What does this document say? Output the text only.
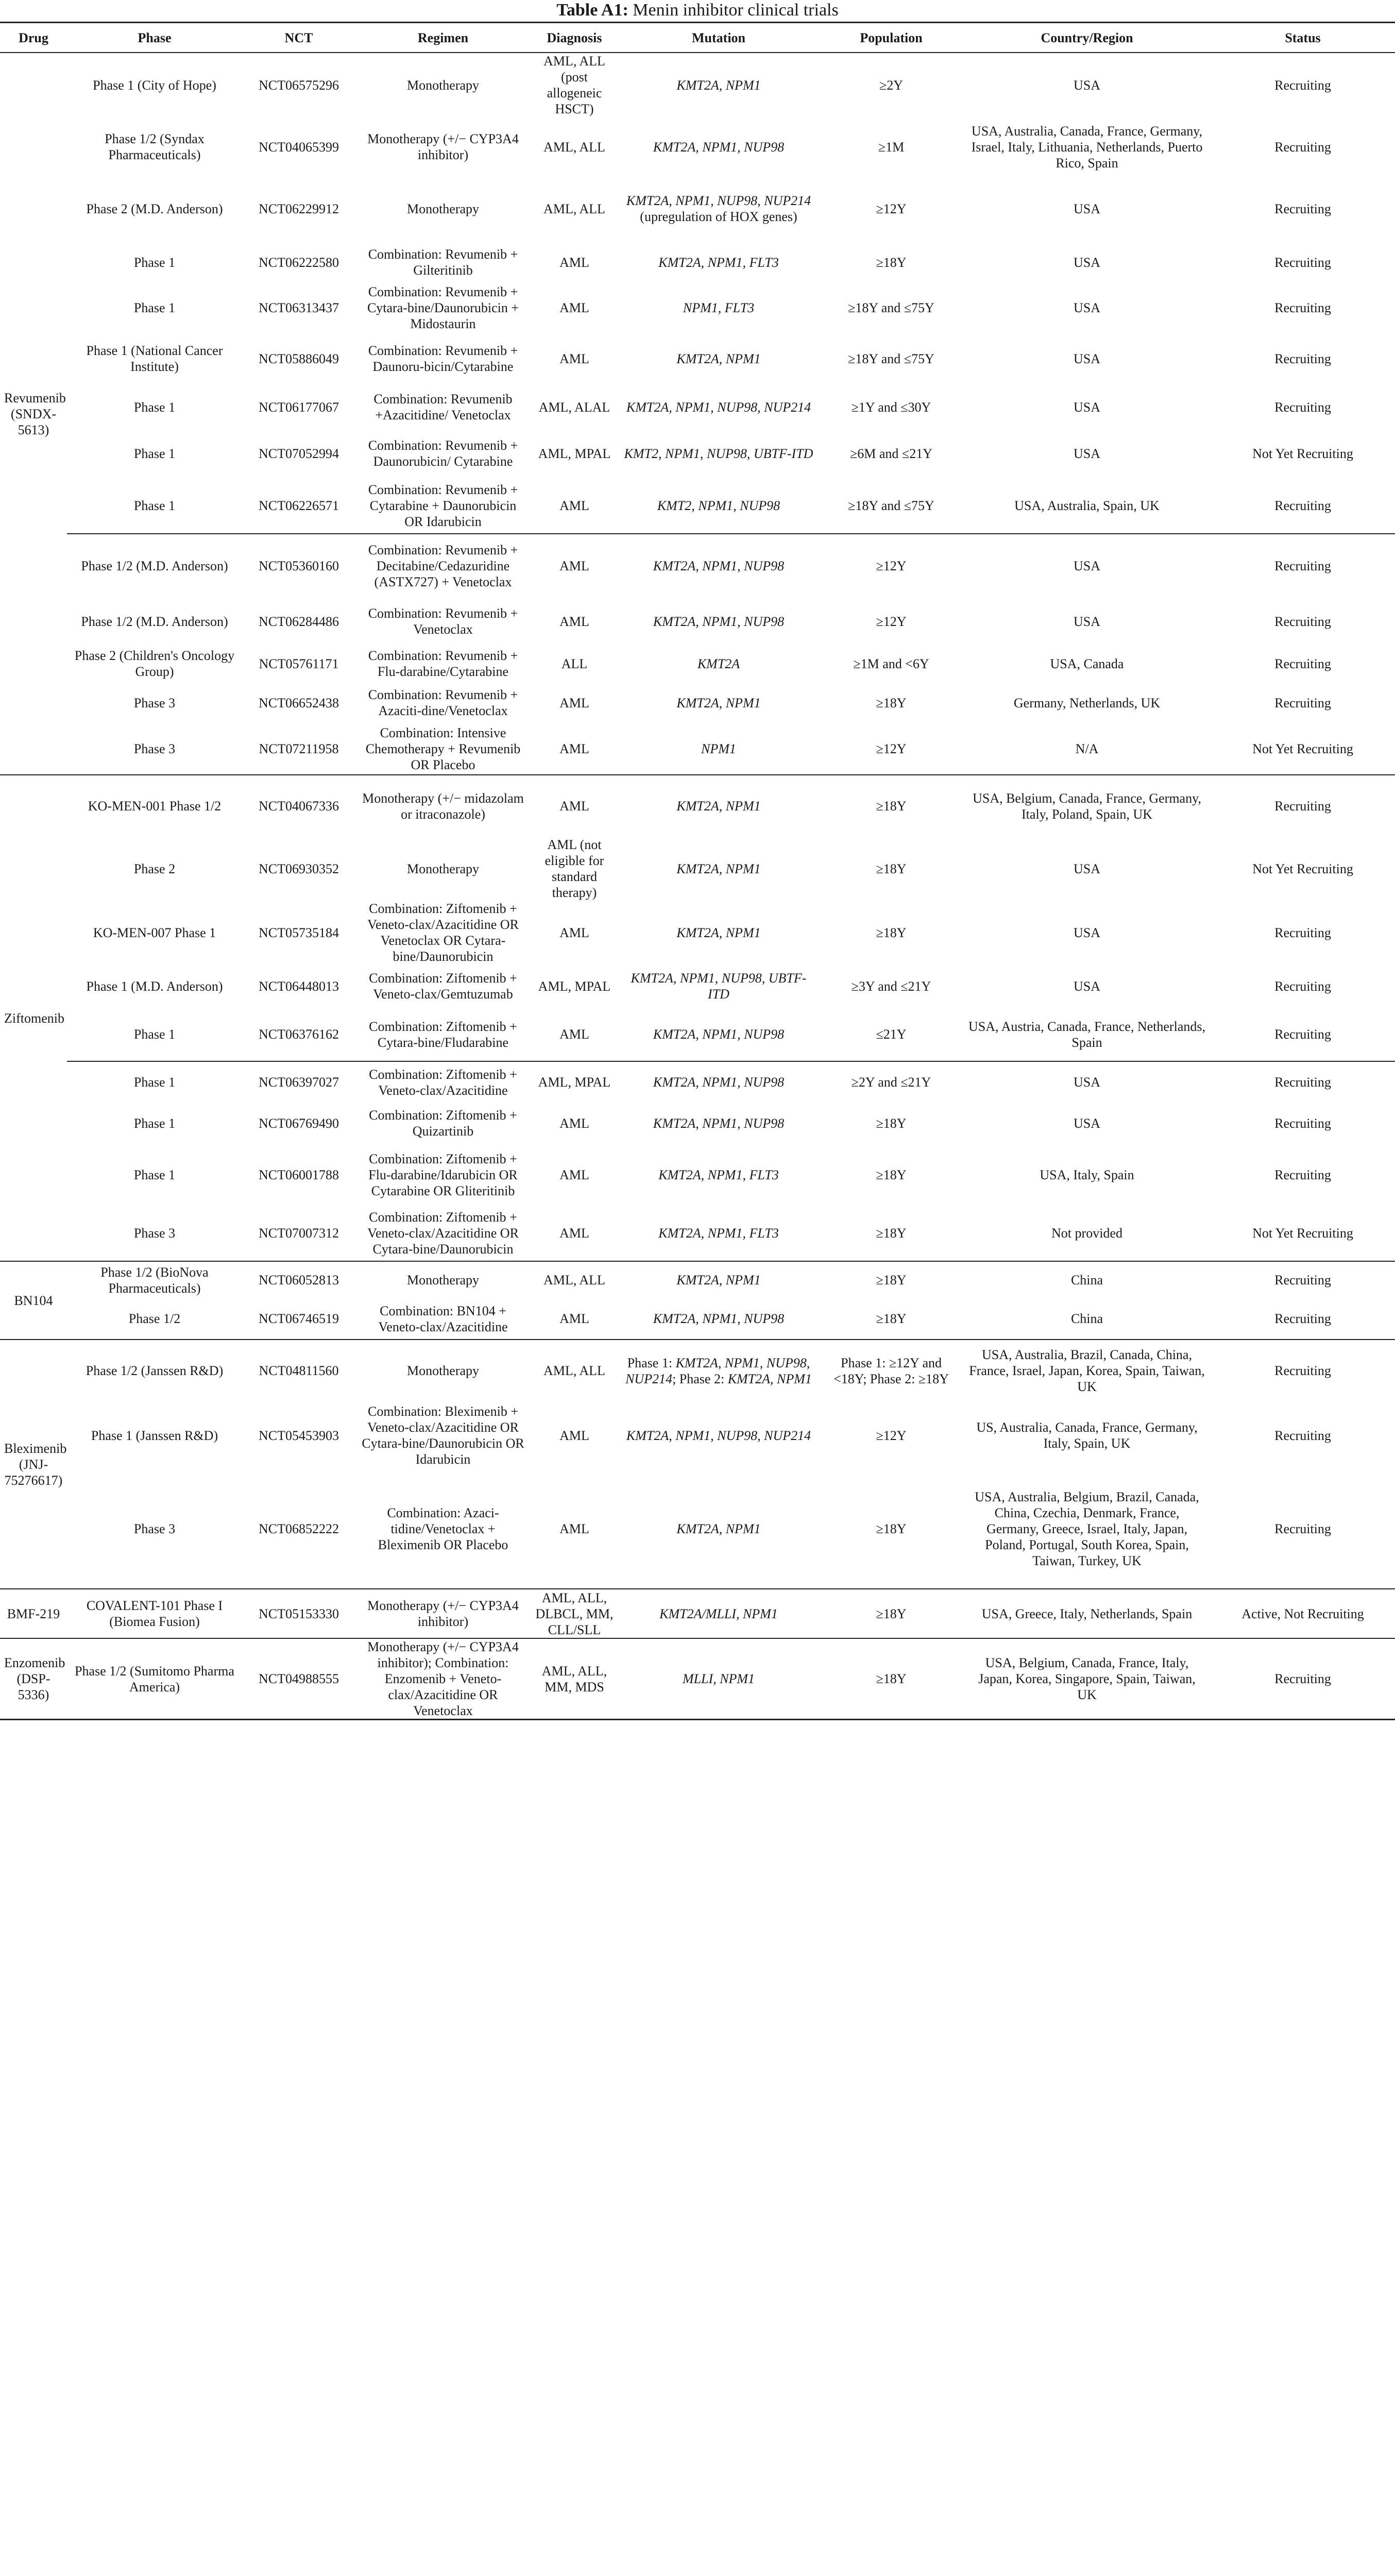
Table A1: Menin inhibitor clinical trials
Drug	Phase	NCT	Regimen	Diagnosis	Mutation	Population	Country/Region	Status
Revumenib (SNDX-5613)	Phase 1 (City of Hope)	NCT06575296	Monotherapy	AML, ALL (post allogeneic HSCT)	KMT2A, NPM1	≥2Y	USA	Recruiting
	Phase 1/2 (Syndax Pharmaceuticals)	NCT04065399	Monotherapy (+/− CYP3A4 inhibitor)	AML, ALL	KMT2A, NPM1, NUP98	≥1M	USA, Australia, Canada, France, Germany, Israel, Italy, Lithuania, Netherlands, Puerto Rico, Spain	Recruiting
	Phase 2 (M.D. Anderson)	NCT06229912	Monotherapy	AML, ALL	KMT2A, NPM1, NUP98, NUP214 (upregulation of HOX genes)	≥12Y	USA	Recruiting
	Phase 1	NCT06222580	Combination: Revumenib + Gilteritinib	AML	KMT2A, NPM1, FLT3	≥18Y	USA	Recruiting
	Phase 1	NCT06313437	Combination: Revumenib + Cytara-bine/Daunorubicin + Midostaurin	AML	NPM1, FLT3	≥18Y and ≤75Y	USA	Recruiting
	Phase 1 (National Cancer Institute)	NCT05886049	Combination: Revumenib + Daunoru-bicin/Cytarabine	AML	KMT2A, NPM1	≥18Y and ≤75Y	USA	Recruiting
	Phase 1	NCT06177067	Combination: Revumenib +Azacitidine/ Venetoclax	AML, ALAL	KMT2A, NPM1, NUP98, NUP214	≥1Y and ≤30Y	USA	Recruiting
	Phase 1	NCT07052994	Combination: Revumenib + Daunorubicin/ Cytarabine	AML, MPAL	KMT2, NPM1, NUP98, UBTF-ITD	≥6M and ≤21Y	USA	Not Yet Recruiting
	Phase 1	NCT06226571	Combination: Revumenib + Cytarabine + Daunorubicin OR Idarubicin	AML	KMT2, NPM1, NUP98	≥18Y and ≤75Y	USA, Australia, Spain, UK	Recruiting
	Phase 1/2 (M.D. Anderson)	NCT05360160	Combination: Revumenib + Decitabine/Cedazuridine (ASTX727) + Venetoclax	AML	KMT2A, NPM1, NUP98	≥12Y	USA	Recruiting
	Phase 1/2 (M.D. Anderson)	NCT06284486	Combination: Revumenib + Venetoclax	AML	KMT2A, NPM1, NUP98	≥12Y	USA	Recruiting
	Phase 2 (Children's Oncology Group)	NCT05761171	Combination: Revumenib + Flu-darabine/Cytarabine	ALL	KMT2A	≥1M and <6Y	USA, Canada	Recruiting
	Phase 3	NCT06652438	Combination: Revumenib + Azaciti-dine/Venetoclax	AML	KMT2A, NPM1	≥18Y	Germany, Netherlands, UK	Recruiting
	Phase 3	NCT07211958	Combination: Intensive Chemotherapy + Revumenib OR Placebo	AML	NPM1	≥12Y	N/A	Not Yet Recruiting
Ziftomenib	KO-MEN-001 Phase 1/2	NCT04067336	Monotherapy (+/− midazolam or itraconazole)	AML	KMT2A, NPM1	≥18Y	USA, Belgium, Canada, France, Germany, Italy, Poland, Spain, UK	Recruiting
	Phase 2	NCT06930352	Monotherapy	AML (not eligible for standard therapy)	KMT2A, NPM1	≥18Y	USA	Not Yet Recruiting
	KO-MEN-007 Phase 1	NCT05735184	Combination: Ziftomenib + Veneto-clax/Azacitidine OR Venetoclax OR Cytara-bine/Daunorubicin	AML	KMT2A, NPM1	≥18Y	USA	Recruiting
	Phase 1 (M.D. Anderson)	NCT06448013	Combination: Ziftomenib + Veneto-clax/Gemtuzumab	AML, MPAL	KMT2A, NPM1, NUP98, UBTF-ITD	≥3Y and ≤21Y	USA	Recruiting
	Phase 1	NCT06376162	Combination: Ziftomenib + Cytara-bine/Fludarabine	AML	KMT2A, NPM1, NUP98	≤21Y	USA, Austria, Canada, France, Netherlands, Spain	Recruiting
	Phase 1	NCT06397027	Combination: Ziftomenib + Veneto-clax/Azacitidine	AML, MPAL	KMT2A, NPM1, NUP98	≥2Y and ≤21Y	USA	Recruiting
	Phase 1	NCT06769490	Combination: Ziftomenib + Quizartinib	AML	KMT2A, NPM1, NUP98	≥18Y	USA	Recruiting
	Phase 1	NCT06001788	Combination: Ziftomenib + Flu-darabine/Idarubicin OR Cytarabine OR Gliteritinib	AML	KMT2A, NPM1, FLT3	≥18Y	USA, Italy, Spain	Recruiting
	Phase 3	NCT07007312	Combination: Ziftomenib + Veneto-clax/Azacitidine OR Cytara-bine/Daunorubicin	AML	KMT2A, NPM1, FLT3	≥18Y	Not provided	Not Yet Recruiting
BN104	Phase 1/2 (BioNova Pharmaceuticals)	NCT06052813	Monotherapy	AML, ALL	KMT2A, NPM1	≥18Y	China	Recruiting
	Phase 1/2	NCT06746519	Combination: BN104 + Veneto-clax/Azacitidine	AML	KMT2A, NPM1, NUP98	≥18Y	China	Recruiting
Bleximenib (JNJ-75276617)	Phase 1/2 (Janssen R&D)	NCT04811560	Monotherapy	AML, ALL	Phase 1: KMT2A, NPM1, NUP98, NUP214; Phase 2: KMT2A, NPM1	Phase 1: ≥12Y and <18Y; Phase 2: ≥18Y	USA, Australia, Brazil, Canada, China, France, Israel, Japan, Korea, Spain, Taiwan, UK	Recruiting
	Phase 1 (Janssen R&D)	NCT05453903	Combination: Bleximenib + Veneto-clax/Azacitidine OR Cytara-bine/Daunorubicin OR Idarubicin	AML	KMT2A, NPM1, NUP98, NUP214	≥12Y	US, Australia, Canada, France, Germany, Italy, Spain, UK	Recruiting
	Phase 3	NCT06852222	Combination: Azaci-tidine/Venetoclax + Bleximenib OR Placebo	AML	KMT2A, NPM1	≥18Y	USA, Australia, Belgium, Brazil, Canada, China, Czechia, Denmark, France, Germany, Greece, Israel, Italy, Japan, Poland, Portugal, South Korea, Spain, Taiwan, Turkey, UK	Recruiting
BMF-219	COVALENT-101 Phase I (Biomea Fusion)	NCT05153330	Monotherapy (+/− CYP3A4 inhibitor)	AML, ALL, DLBCL, MM, CLL/SLL	KMT2A/MLLI, NPM1	≥18Y	USA, Greece, Italy, Netherlands, Spain	Active, Not Recruiting
Enzomenib (DSP-5336)	Phase 1/2 (Sumitomo Pharma America)	NCT04988555	Monotherapy (+/− CYP3A4 inhibitor); Combination: Enzomenib + Veneto-clax/Azacitidine OR Venetoclax	AML, ALL, MM, MDS	MLLI, NPM1	≥18Y	USA, Belgium, Canada, France, Italy, Japan, Korea, Singapore, Spain, Taiwan, UK	Recruiting
